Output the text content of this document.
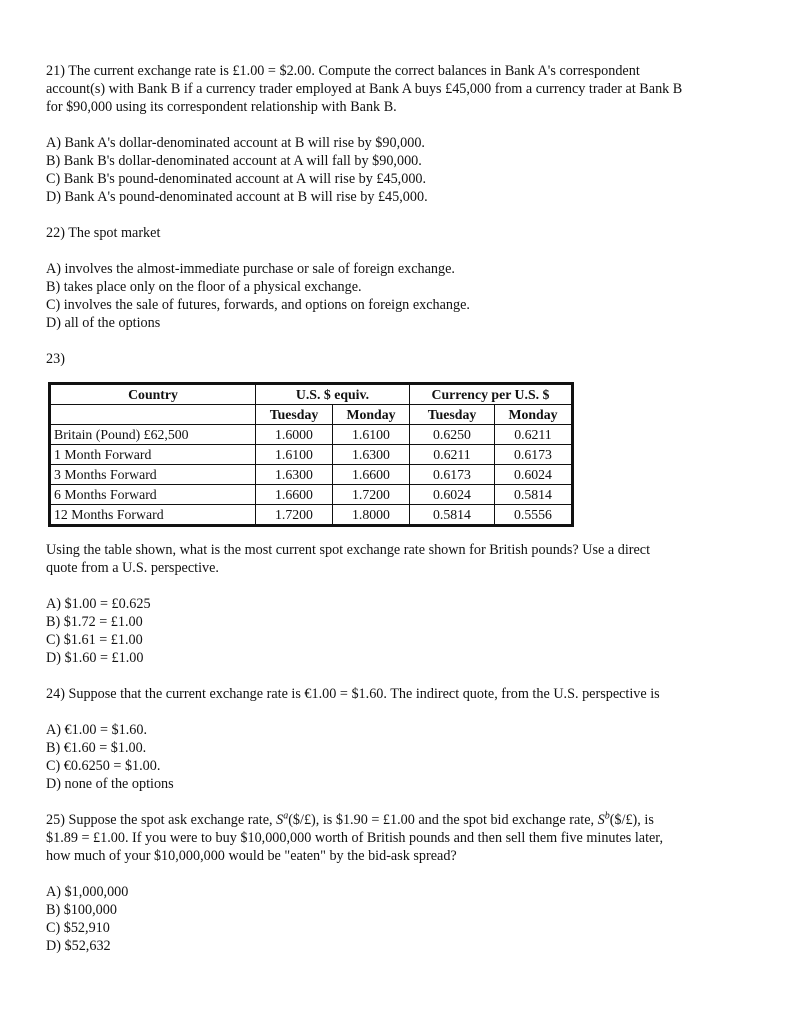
21) The current exchange rate is £1.00 = $2.00. Compute the correct balances in Bank A's correspondent

account(s) with Bank B if a currency trader employed at Bank A buys £45,000 from a currency trader at Bank B

for $90,000 using its correspondent relationship with Bank B.

A) Bank A's dollar-denominated account at B will rise by $90,000.
B) Bank B's dollar-denominated account at A will fall by $90,000.
C) Bank B's pound-denominated account at A will rise by £45,000.
D) Bank A's pound-denominated account at B will rise by £45,000.

22) The spot market

A) involves the almost-immediate purchase or sale of foreign exchange.
B) takes place only on the floor of a physical exchange.
C) involves the sale of futures, forwards, and options on foreign exchange.
D) all of the options

23)

Country	U.S. $ equiv.		Currency per U.S. $	
	Tuesday	Monday	Tuesday	Monday
Britain (Pound) £62,500	1.6000	1.6100	0.6250	0.6211
1 Month Forward	1.6100	1.6300	0.6211	0.6173
3 Months Forward	1.6300	1.6600	0.6173	0.6024
6 Months Forward	1.6600	1.7200	0.6024	0.5814
12 Months Forward	1.7200	1.8000	0.5814	0.5556

Using the table shown, what is the most current spot exchange rate shown for British pounds? Use a direct

quote from a U.S. perspective.

A) $1.00 = £0.625
B) $1.72 = £1.00
C) $1.61 = £1.00
D) $1.60 = £1.00

24) Suppose that the current exchange rate is €1.00 = $1.60. The indirect quote, from the U.S. perspective is

A) €1.00 = $1.60.
B) €1.60 = $1.00.
C) €0.6250 = $1.00.
D) none of the options

25) Suppose the spot ask exchange rate, $S^a(\$/£)$, is $1.90 = £1.00 and the spot bid exchange rate, $S^b(\$/£)$, is

$1.89 = £1.00. If you were to buy $10,000,000 worth of British pounds and then sell them five minutes later,

how much of your $10,000,000 would be "eaten" by the bid-ask spread?

A) $1,000,000
B) $100,000
C) $52,910
D) $52,632
